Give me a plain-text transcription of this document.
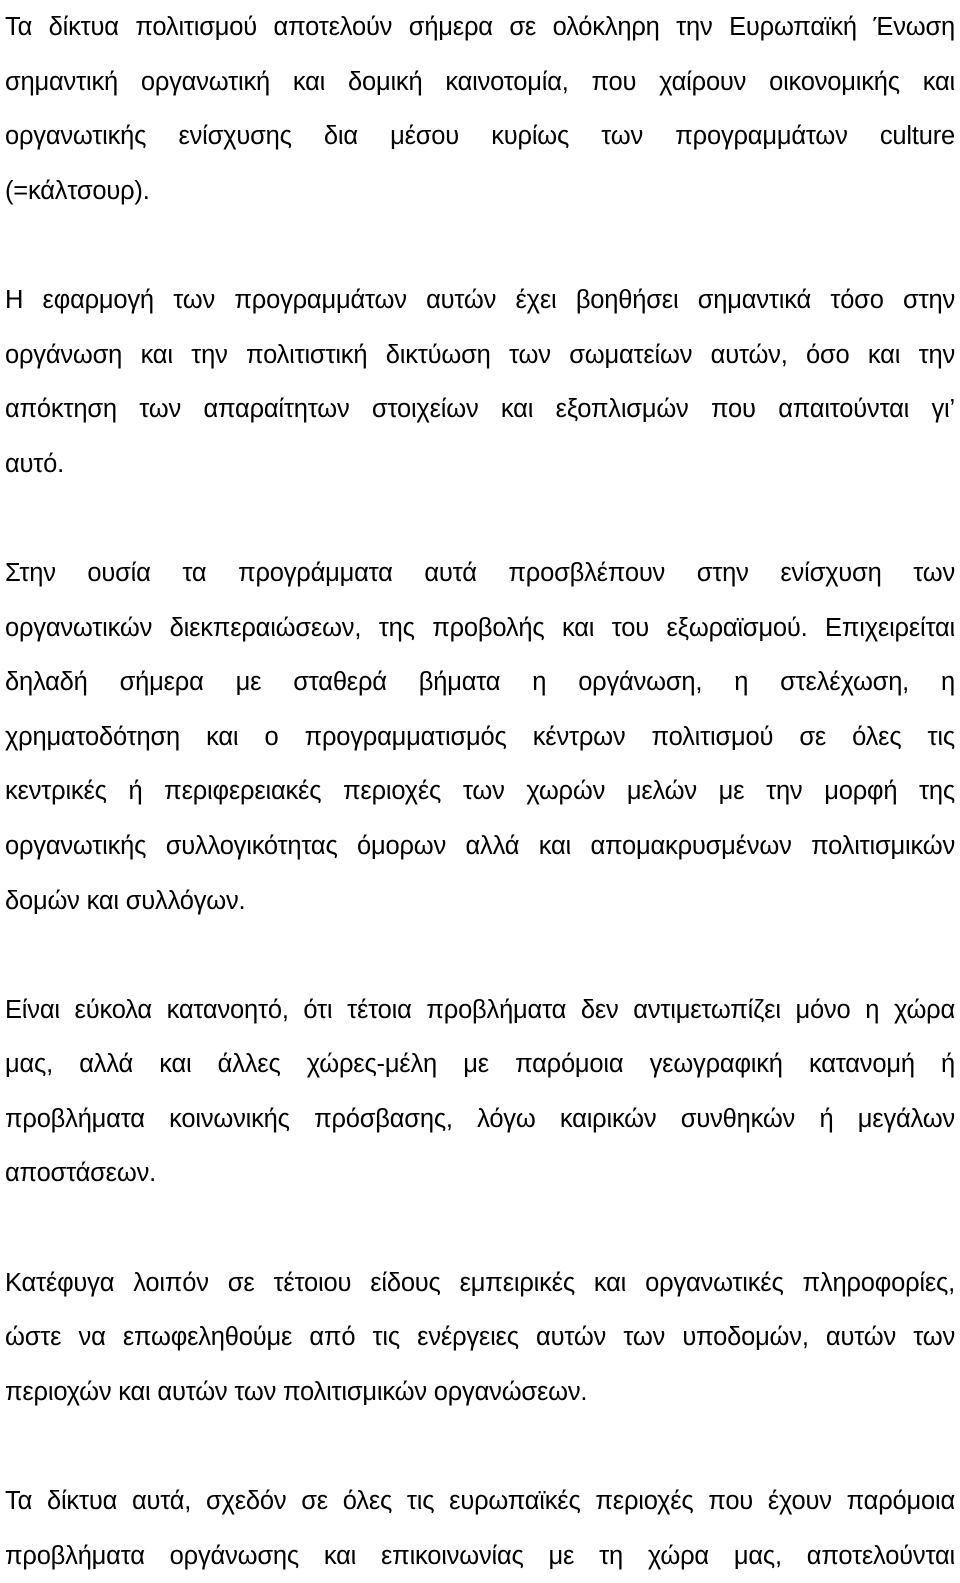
Τα δίκτυα πολιτισμού αποτελούν σήμερα σε ολόκληρη την Ευρωπαϊκή Ένωση
σημαντική οργανωτική και δομική καινοτομία, που χαίρουν οικονομικής και
οργανωτικής ενίσχυσης δια μέσου κυρίως των προγραμμάτων culture
(=κάλτσουρ).
Η εφαρμογή των προγραμμάτων αυτών έχει βοηθήσει σημαντικά τόσο στην
οργάνωση και την πολιτιστική δικτύωση των σωματείων αυτών, όσο και την
απόκτηση των απαραίτητων στοιχείων και εξοπλισμών που απαιτούνται γι’
αυτό.
Στην ουσία τα προγράμματα αυτά προσβλέπουν στην ενίσχυση των
οργανωτικών διεκπεραιώσεων, της προβολής και του εξωραϊσμού. Επιχειρείται
δηλαδή σήμερα με σταθερά βήματα η οργάνωση, η στελέχωση, η
χρηματοδότηση και ο προγραμματισμός κέντρων πολιτισμού σε όλες τις
κεντρικές ή περιφερειακές περιοχές των χωρών μελών με την μορφή της
οργανωτικής συλλογικότητας όμορων αλλά και απομακρυσμένων πολιτισμικών
δομών και συλλόγων.
Είναι εύκολα κατανοητό, ότι τέτοια προβλήματα δεν αντιμετωπίζει μόνο η χώρα
μας, αλλά και άλλες χώρες-μέλη με παρόμοια γεωγραφική κατανομή ή
προβλήματα κοινωνικής πρόσβασης, λόγω καιρικών συνθηκών ή μεγάλων
αποστάσεων.
Κατέφυγα λοιπόν σε τέτοιου είδους εμπειρικές και οργανωτικές πληροφορίες,
ώστε να επωφεληθούμε από τις ενέργειες αυτών των υποδομών, αυτών των
περιοχών και αυτών των πολιτισμικών οργανώσεων.
Τα δίκτυα αυτά, σχεδόν σε όλες τις ευρωπαϊκές περιοχές που έχουν παρόμοια
προβλήματα οργάνωσης και επικοινωνίας με τη χώρα μας, αποτελούνται
